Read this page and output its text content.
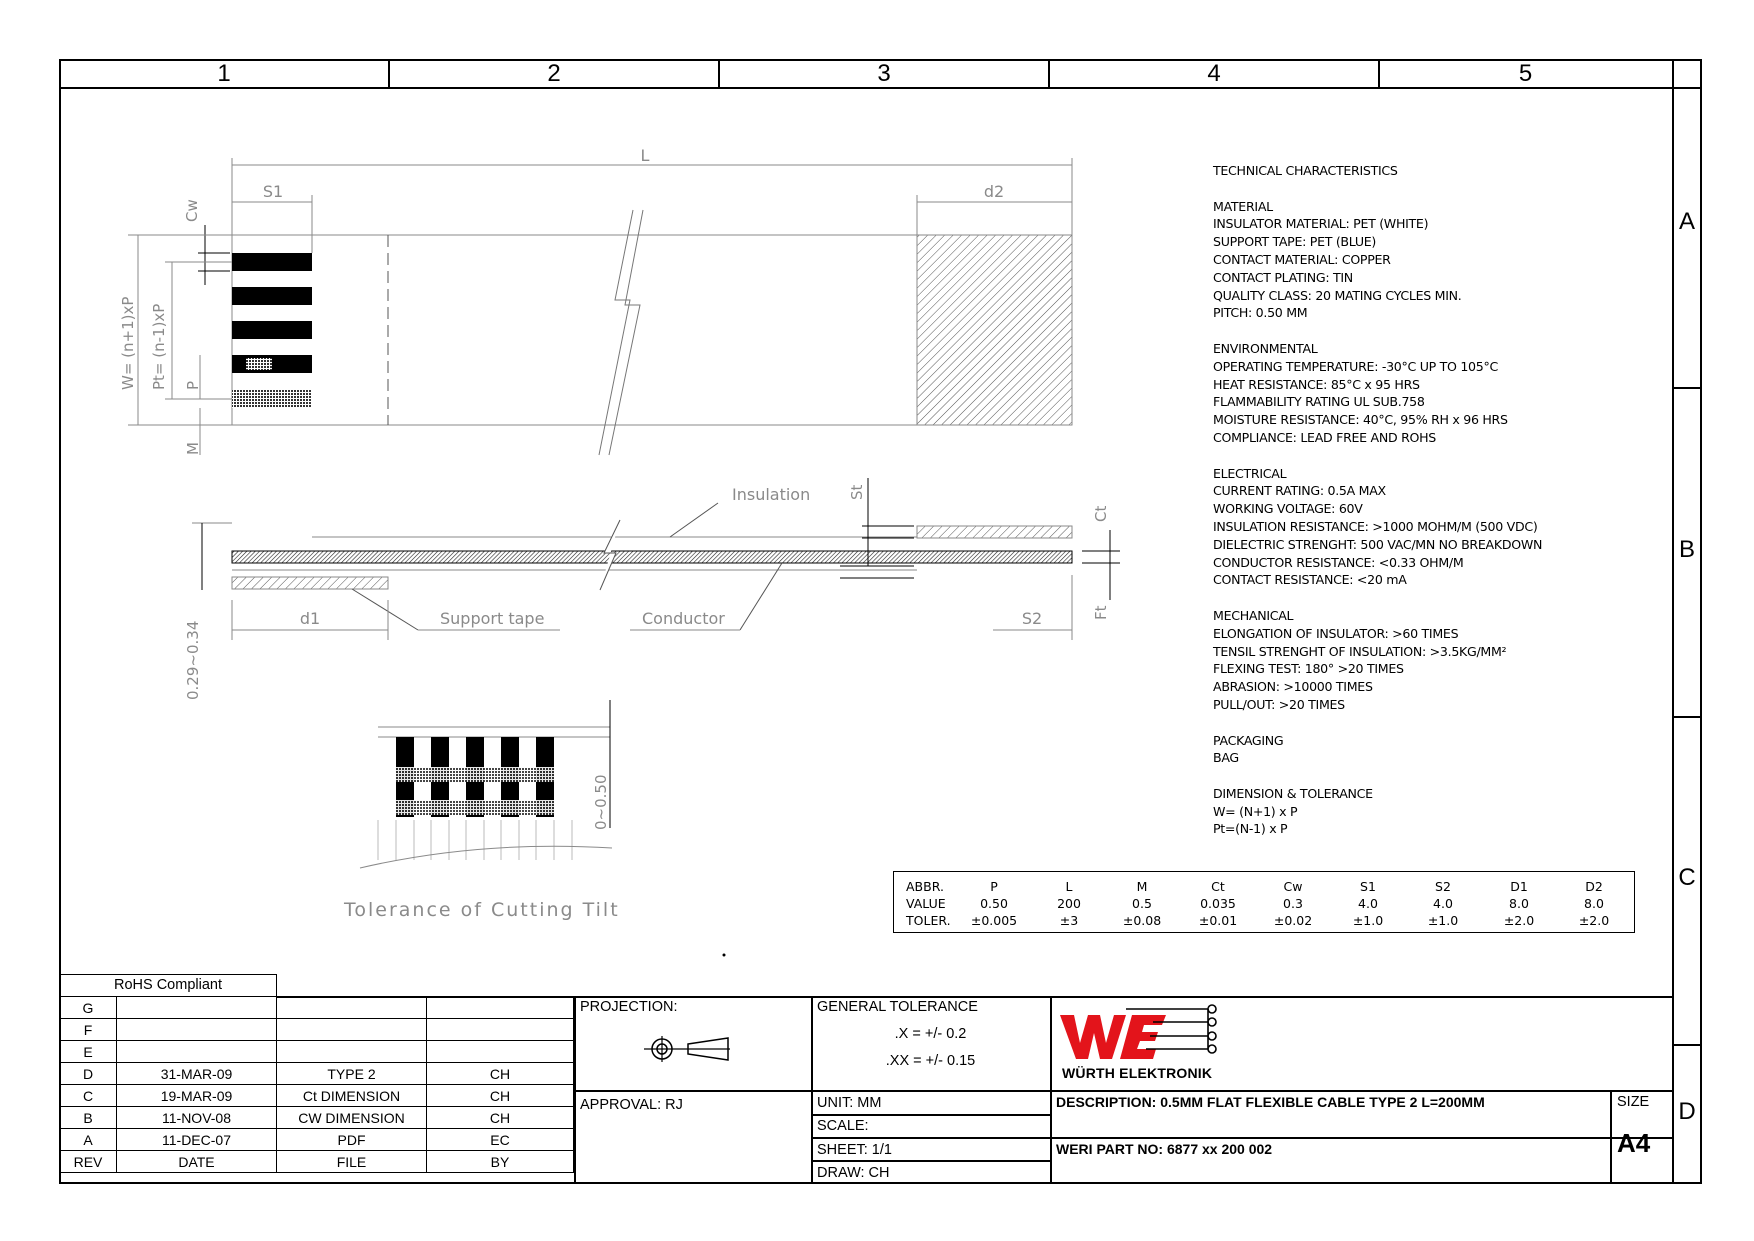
1	2	3	4	5
A
B
C
D
L
S1	d2
Cw
W= (n+1)xP Pt= (n-1)xP P
M
St
Ct
Ft
Insulation
Support tape	Conductor
d1	S2
0.29~0.34
0~0.50
Tolerance of Cutting Tilt
TECHNICAL CHARACTERISTICS
MATERIAL
INSULATOR MATERIAL: PET (WHITE)
SUPPORT TAPE: PET (BLUE)
CONTACT MATERIAL: COPPER
CONTACT PLATING: TIN
QUALITY CLASS: 20 MATING CYCLES MIN.
PITCH: 0.50 MM
ENVIRONMENTAL
OPERATING TEMPERATURE: -30°C UP TO 105°C
HEAT RESISTANCE: 85°C x 95 HRS
FLAMMABILITY RATING UL SUB.758
MOISTURE RESISTANCE: 40°C, 95% RH x 96 HRS
COMPLIANCE: LEAD FREE AND ROHS
ELECTRICAL
CURRENT RATING: 0.5A MAX
WORKING VOLTAGE: 60V
INSULATION RESISTANCE: >1000 MOHM/M (500 VDC)
DIELECTRIC STRENGHT: 500 VAC/MN NO BREAKDOWN
CONDUCTOR RESISTANCE: <0.33 OHM/M
CONTACT RESISTANCE: <20 mA
MECHANICAL
ELONGATION OF INSULATOR: >60 TIMES
TENSIL STRENGHT OF INSULATION: >3.5KG/MM²
FLEXING TEST: 180° >20 TIMES
ABRASION: >10000 TIMES
PULL/OUT: >20 TIMES
PACKAGING
BAG
DIMENSION & TOLERANCE
W= (N+1) x P
Pt=(N-1) x P
ABBR.	P	L	M	Ct	Cw	S1	S2	D1	D2
VALUE	0.50	200	0.5	0.035	0.3	4.0	4.0	8.0	8.0
TOLER.	±0.005	±3	±0.08	±0.01	±0.02	±1.0	±1.0	±2.0	±2.0
RoHS Compliant
G			
F			
E			
D	31-MAR-09	TYPE 2	CH
C	19-MAR-09	Ct DIMENSION	CH
B	11-NOV-08	CW DIMENSION	CH
A	11-DEC-07	PDF	EC
REV	DATE	FILE	BY
PROJECTION:
APPROVAL: RJ
GENERAL TOLERANCE
.X = +/- 0.2
.XX = +/- 0.15
UNIT: MM
SCALE:
SHEET: 1/1
DRAW: CH
WÜRTH ELEKTRONIK
DESCRIPTION: 0.5MM FLAT FLEXIBLE CABLE TYPE 2 L=200MM
WERI PART NO: 6877 xx 200 002
SIZE
A4
